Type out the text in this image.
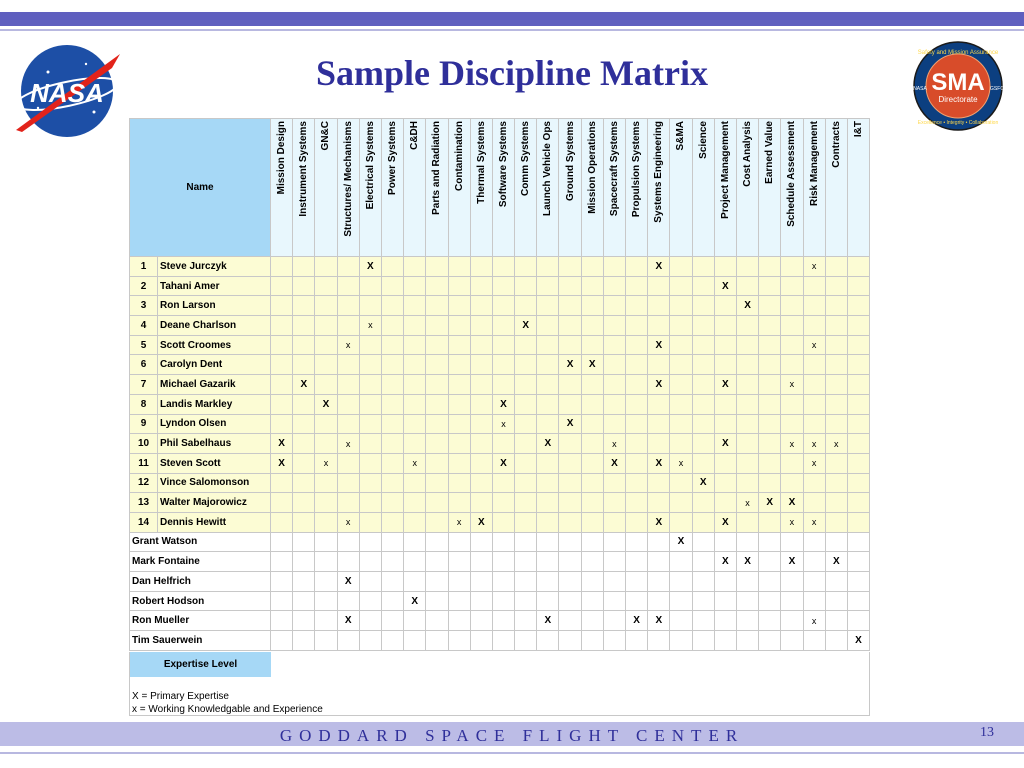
NASA	Sample Discipline Matrix	Safety and Mission Assurance
Excellence • Integrity • Collaboration
NASA	GSFC
SMA
Directorate
Name		Mission Design	Instrument Systems	GN&C	Structures/ Mechanisms	Electrical Systems	Power Systems	C&DH	Parts and Radiation	Contamination	Thermal Systems	Software Systems	Comm Systems	Launch Vehicle Ops	Ground Systems	Mission Operations	Spacecraft Systems	Propulsion Systems	Systems Engineering	S&MA	Science	Project Management	Cost Analysis	Earned Value	Schedule Assessment	Risk Management	Contracts	I&T
1	Steve Jurczyk					X													X							x		
2	Tahani Amer																					X						
3	Ron Larson																						X					
4	Deane Charlson					x							X															
5	Scott Croomes				x														X							x		
6	Carolyn Dent														X	X												
7	Michael Gazarik		X																X			X			x			
8	Landis Markley			X								X																
9	Lyndon Olsen											x			X													
10	Phil Sabelhaus	X			x									X			x					X			x	x	x	
11	Steven Scott	X		x				x				X					X		X	x						x		
12	Vince Salomonson																				X							
13	Walter Majorowicz																						x	X	X			
14	Dennis Hewitt				x					x	X								X			X			x	x		
Grant Watson																				X								
Mark Fontaine																						X	X		X		X	
Dan Helfrich					X																							
Robert Hodson								X																				
Ron Mueller					X									X				X	X							x		
Tim Sauerwein																												X
Expertise Level
X = Primary Expertise
x = Working Knowledgable and Experience
GODDARD SPACE FLIGHT CENTER	13
